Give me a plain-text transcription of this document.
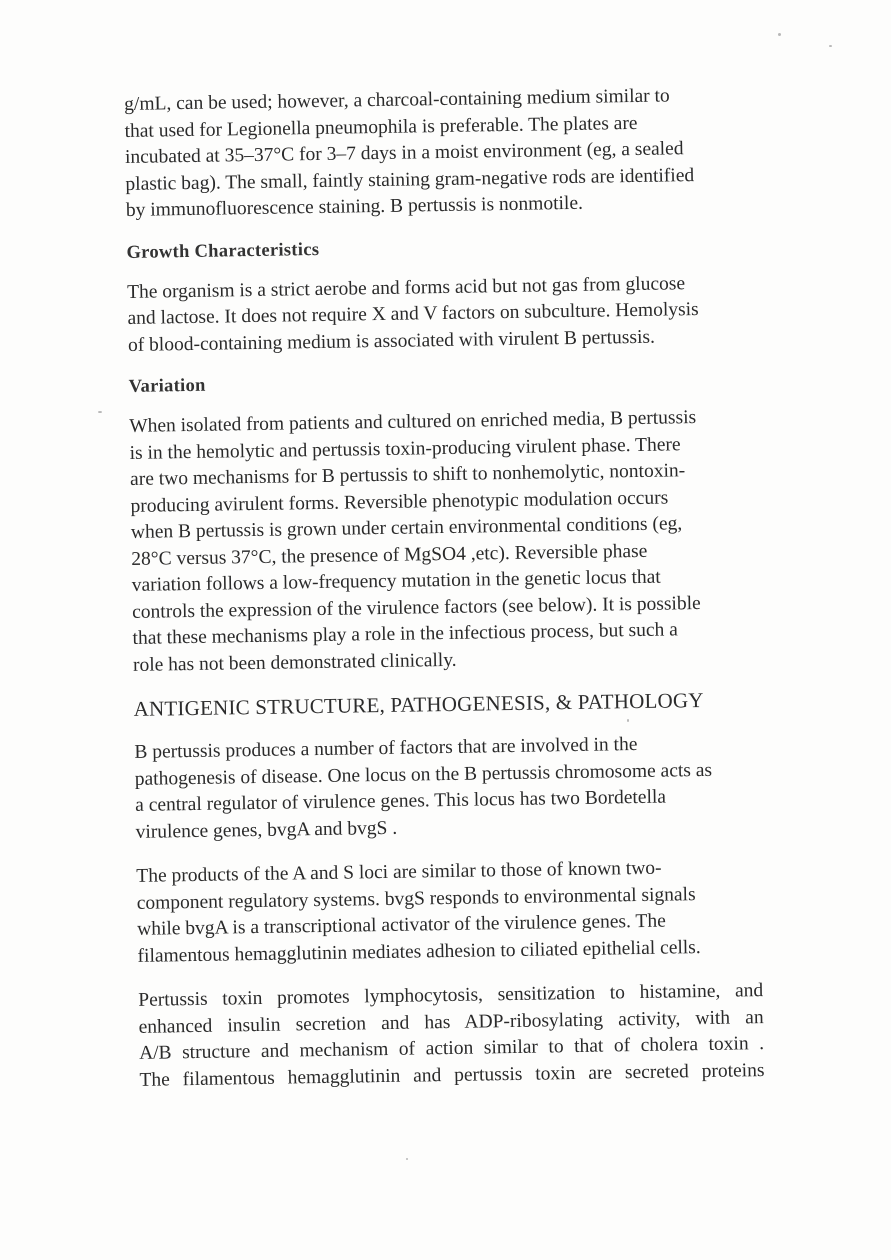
g/mL, can be used; however, a charcoal-containing medium similar to
that used for Legionella pneumophila is preferable. The plates are
incubated at 35–37°C for 3–7 days in a moist environment (eg, a sealed
plastic bag). The small, faintly staining gram-negative rods are identified
by immunofluorescence staining. B pertussis is nonmotile.
Growth Characteristics
The organism is a strict aerobe and forms acid but not gas from glucose
and lactose. It does not require X and V factors on subculture. Hemolysis
of blood-containing medium is associated with virulent B pertussis.
Variation
When isolated from patients and cultured on enriched media, B pertussis
is in the hemolytic and pertussis toxin-producing virulent phase. There
are two mechanisms for B pertussis to shift to nonhemolytic, nontoxin-
producing avirulent forms. Reversible phenotypic modulation occurs
when B pertussis is grown under certain environmental conditions (eg,
28°C versus 37°C, the presence of MgSO4 ,etc). Reversible phase
variation follows a low-frequency mutation in the genetic locus that
controls the expression of the virulence factors (see below). It is possible
that these mechanisms play a role in the infectious process, but such a
role has not been demonstrated clinically.
ANTIGENIC STRUCTURE, PATHOGENESIS, & PATHOLOGY
B pertussis produces a number of factors that are involved in the
pathogenesis of disease. One locus on the B pertussis chromosome acts as
a central regulator of virulence genes. This locus has two Bordetella
virulence genes, bvgA and bvgS .
The products of the A and S loci are similar to those of known two-
component regulatory systems. bvgS responds to environmental signals
while bvgA is a transcriptional activator of the virulence genes. The
filamentous hemagglutinin mediates adhesion to ciliated epithelial cells.
Pertussis toxin promotes lymphocytosis, sensitization to histamine, and
enhanced insulin secretion and has ADP-ribosylating activity, with an
A/B structure and mechanism of action similar to that of cholera toxin .
The filamentous hemagglutinin and pertussis toxin are secreted proteins
